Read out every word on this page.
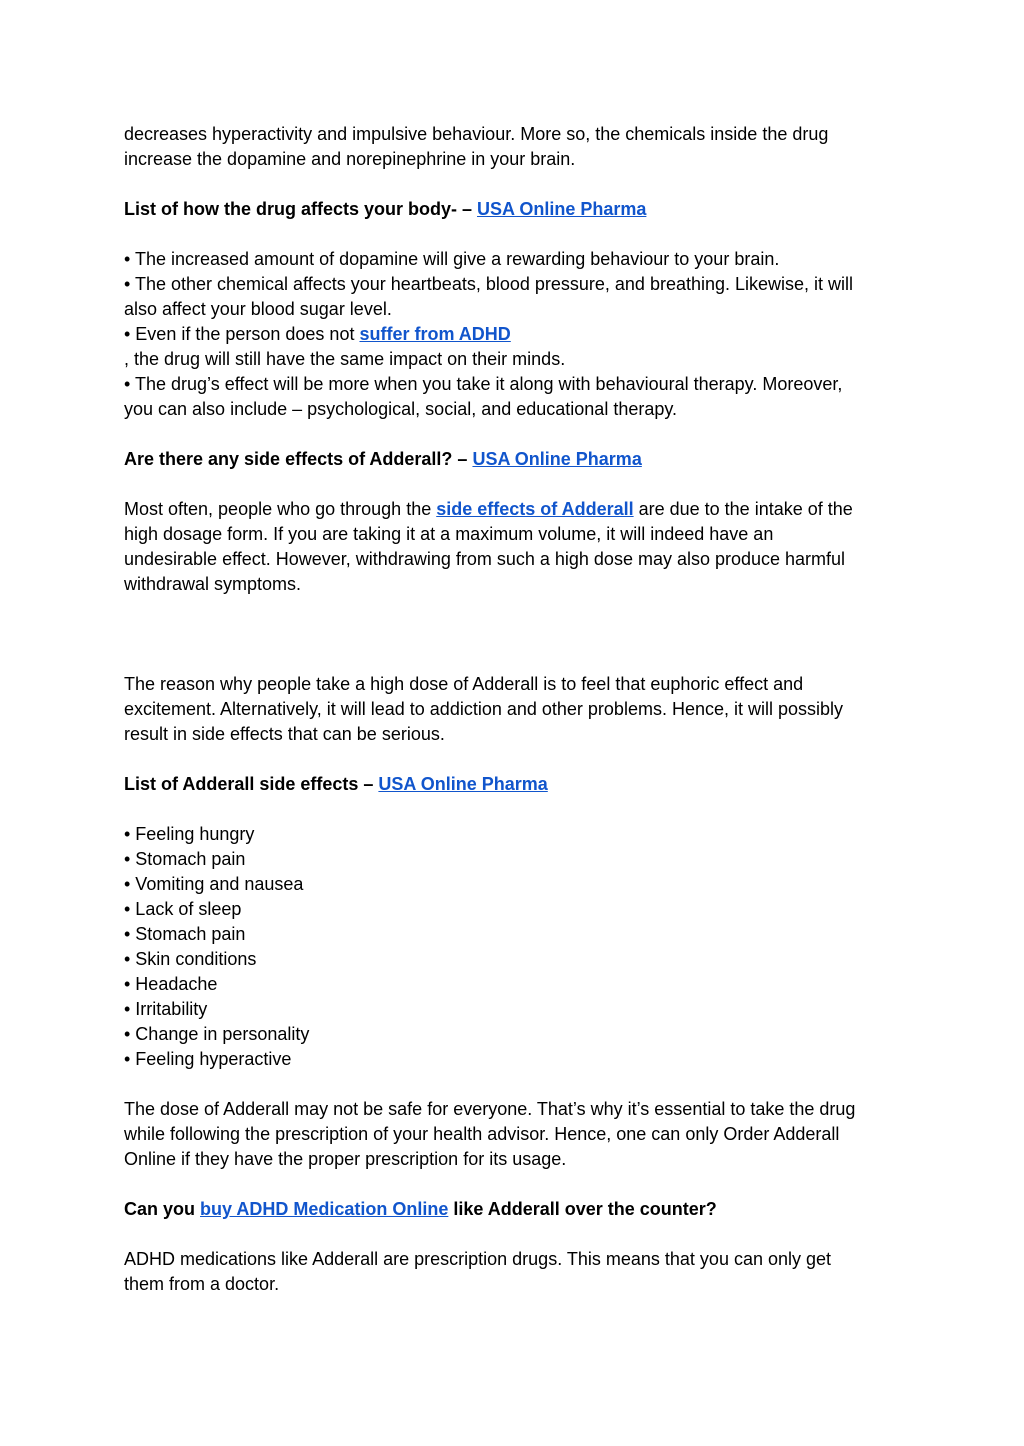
decreases hyperactivity and impulsive behaviour. More so, the chemicals inside the drug
increase the dopamine and norepinephrine in your brain.

List of how the drug affects your body- – USA Online Pharma

• The increased amount of dopamine will give a rewarding behaviour to your brain.
• The other chemical affects your heartbeats, blood pressure, and breathing. Likewise, it will
also affect your blood sugar level.
• Even if the person does not suffer from ADHD
, the drug will still have the same impact on their minds.
• The drug’s effect will be more when you take it along with behavioural therapy. Moreover,
you can also include – psychological, social, and educational therapy.

Are there any side effects of Adderall? – USA Online Pharma

Most often, people who go through the side effects of Adderall are due to the intake of the
high dosage form. If you are taking it at a maximum volume, it will indeed have an
undesirable effect. However, withdrawing from such a high dose may also produce harmful
withdrawal symptoms.

The reason why people take a high dose of Adderall is to feel that euphoric effect and
excitement. Alternatively, it will lead to addiction and other problems. Hence, it will possibly
result in side effects that can be serious.

List of Adderall side effects – USA Online Pharma

• Feeling hungry
• Stomach pain
• Vomiting and nausea
• Lack of sleep
• Stomach pain
• Skin conditions
• Headache
• Irritability
• Change in personality
• Feeling hyperactive

The dose of Adderall may not be safe for everyone. That’s why it’s essential to take the drug
while following the prescription of your health advisor. Hence, one can only Order Adderall
Online if they have the proper prescription for its usage.

Can you buy ADHD Medication Online like Adderall over the counter?

ADHD medications like Adderall are prescription drugs. This means that you can only get
them from a doctor.
